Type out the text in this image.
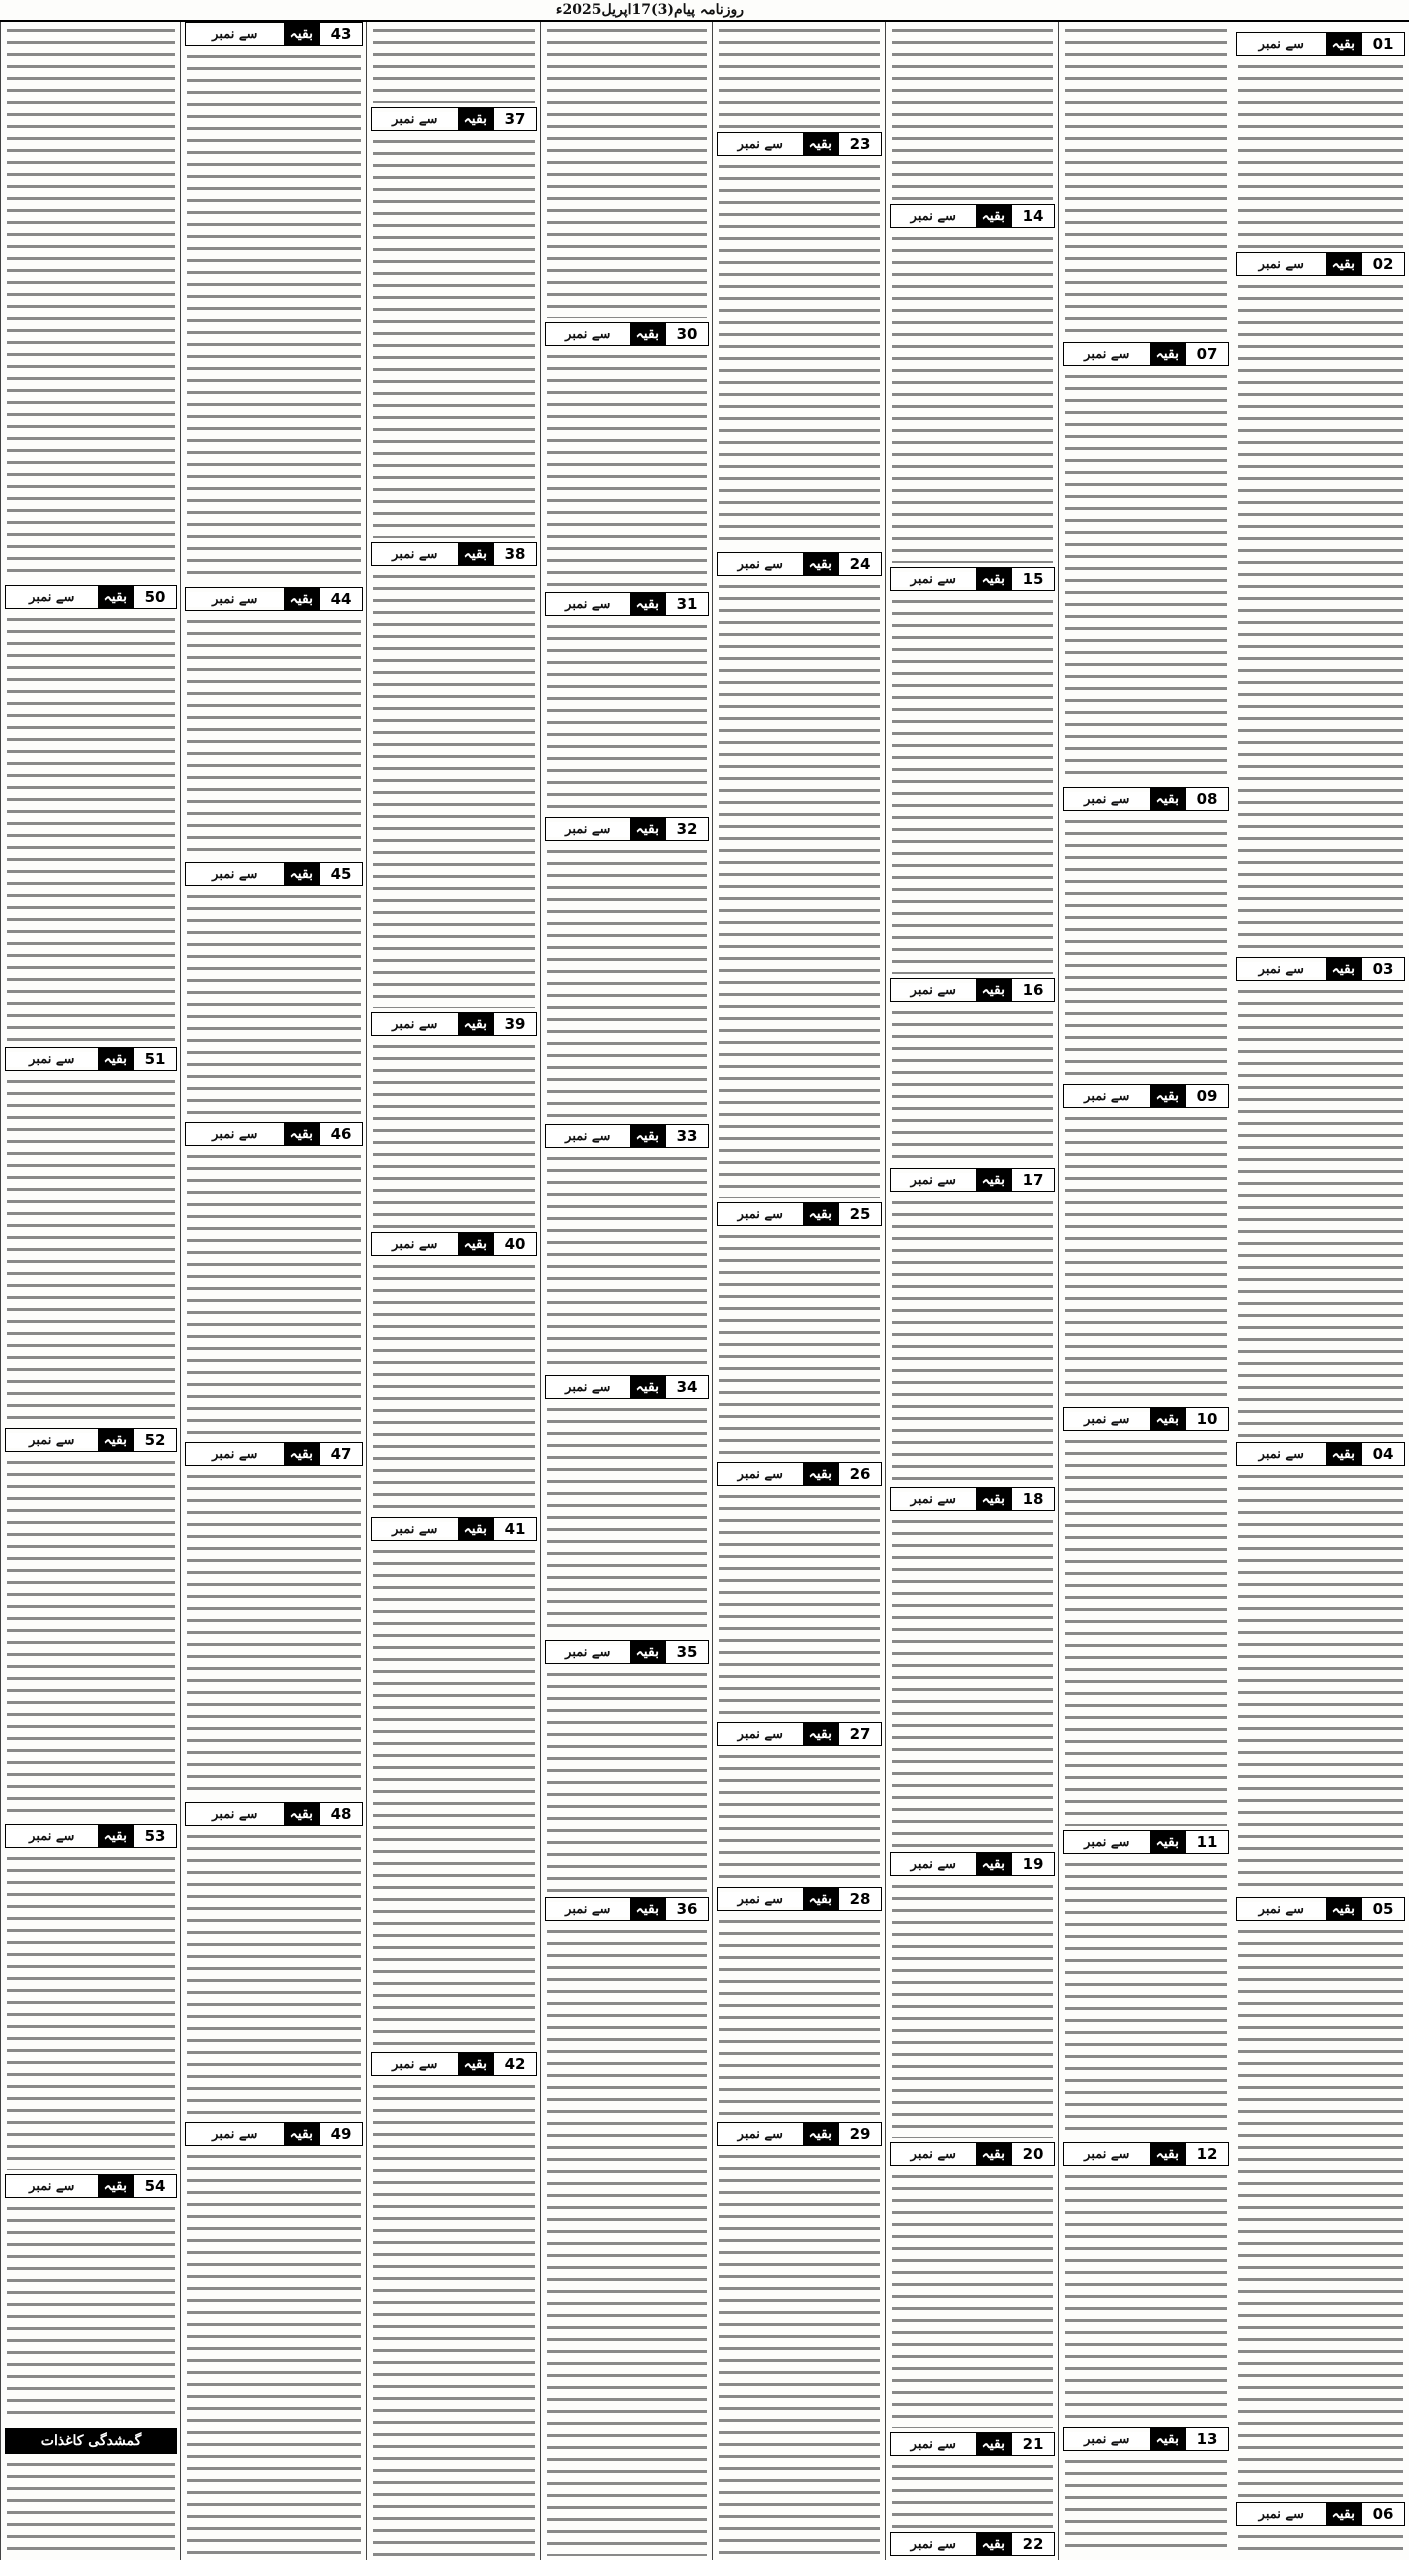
روزنامہ پیام(3)17اپریل2025ء
01
بقیہ
سے نمبر
02
بقیہ
سے نمبر
03
بقیہ
سے نمبر
04
بقیہ
سے نمبر
05
بقیہ
سے نمبر
06
بقیہ
سے نمبر
07
بقیہ
سے نمبر
08
بقیہ
سے نمبر
09
بقیہ
سے نمبر
10
بقیہ
سے نمبر
11
بقیہ
سے نمبر
12
بقیہ
سے نمبر
13
بقیہ
سے نمبر
14
بقیہ
سے نمبر
15
بقیہ
سے نمبر
16
بقیہ
سے نمبر
17
بقیہ
سے نمبر
18
بقیہ
سے نمبر
19
بقیہ
سے نمبر
20
بقیہ
سے نمبر
21
بقیہ
سے نمبر
22
بقیہ
سے نمبر
23
بقیہ
سے نمبر
24
بقیہ
سے نمبر
25
بقیہ
سے نمبر
26
بقیہ
سے نمبر
27
بقیہ
سے نمبر
28
بقیہ
سے نمبر
29
بقیہ
سے نمبر
30
بقیہ
سے نمبر
31
بقیہ
سے نمبر
32
بقیہ
سے نمبر
33
بقیہ
سے نمبر
34
بقیہ
سے نمبر
35
بقیہ
سے نمبر
36
بقیہ
سے نمبر
37
بقیہ
سے نمبر
38
بقیہ
سے نمبر
39
بقیہ
سے نمبر
40
بقیہ
سے نمبر
41
بقیہ
سے نمبر
42
بقیہ
سے نمبر
43
بقیہ
سے نمبر
44
بقیہ
سے نمبر
45
بقیہ
سے نمبر
46
بقیہ
سے نمبر
47
بقیہ
سے نمبر
48
بقیہ
سے نمبر
49
بقیہ
سے نمبر
50
بقیہ
سے نمبر
51
بقیہ
سے نمبر
52
بقیہ
سے نمبر
53
بقیہ
سے نمبر
54
بقیہ
سے نمبر
گمشدگی کاغذات
